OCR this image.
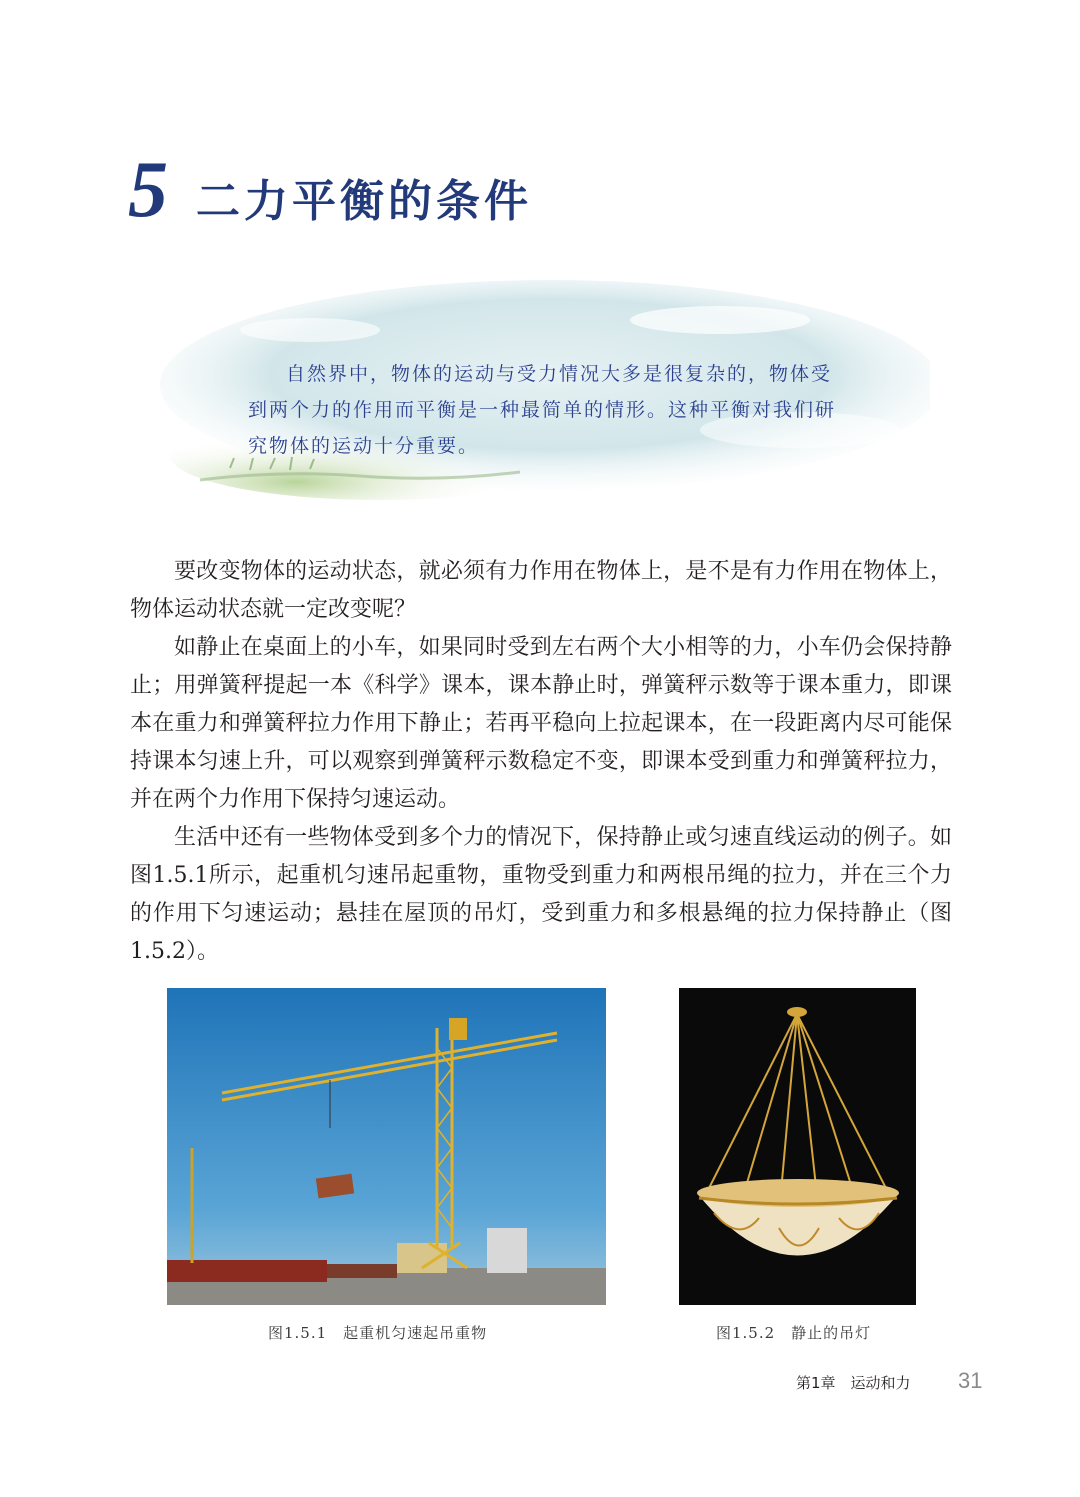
5 二力平衡的条件

自然界中，物体的运动与受力情况大多是很复杂的，物体受到两个力的作用而平衡是一种最简单的情形。这种平衡对我们研究物体的运动十分重要。

要改变物体的运动状态，就必须有力作用在物体上，是不是有力作用在物体上，物体运动状态就一定改变呢？

如静止在桌面上的小车，如果同时受到左右两个大小相等的力，小车仍会保持静止；用弹簧秤提起一本《科学》课本，课本静止时，弹簧秤示数等于课本重力，即课本在重力和弹簧秤拉力作用下静止；若再平稳向上拉起课本，在一段距离内尽可能保持课本匀速上升，可以观察到弹簧秤示数稳定不变，即课本受到重力和弹簧秤拉力，并在两个力作用下保持匀速运动。

生活中还有一些物体受到多个力的情况下，保持静止或匀速直线运动的例子。如图1.5.1所示，起重机匀速吊起重物，重物受到重力和两根吊绳的拉力，并在三个力的作用下匀速运动；悬挂在屋顶的吊灯，受到重力和多根悬绳的拉力保持静止（图1.5.2）。

图1.5.1　起重机匀速起吊重物	图1.5.2　静止的吊灯
第1章　运动和力 31
